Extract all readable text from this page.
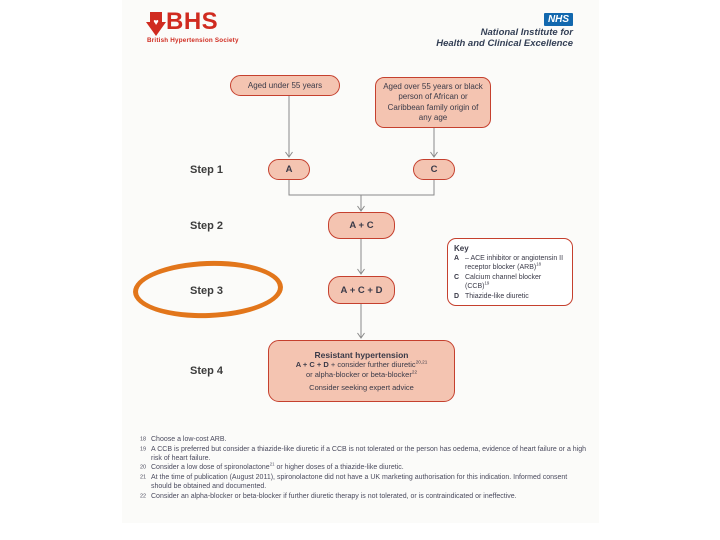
♥ BHS
British Hypertension Society
NHS
National Institute for
Health and Clinical Excellence
Aged under 55 years	Aged over 55 years or black person of African or Caribbean family origin of any age
Step 1
Step 2
Step 3
Step 4
A	C
A + C
A + C + D
Resistant hypertension
A + C + D + consider further diuretic$^{20,21}$
or alpha-blocker or beta-blocker$^{22}$
Consider seeking expert advice
Key
A – ACE inhibitor or angiotensin II receptor blocker (ARB)$^{18}$
C Calcium channel blocker (CCB)$^{19}$
D Thiazide-like diuretic
18 Choose a low-cost ARB.
19 A CCB is preferred but consider a thiazide-like diuretic if a CCB is not tolerated or the person has oedema, evidence of heart failure or a high risk of heart failure.
20 Consider a low dose of spironolactone$^{21}$ or higher doses of a thiazide-like diuretic.
21 At the time of publication (August 2011), spironolactone did not have a UK marketing authorisation for this indication. Informed consent should be obtained and documented.
22 Consider an alpha-blocker or beta-blocker if further diuretic therapy is not tolerated, or is contraindicated or ineffective.
